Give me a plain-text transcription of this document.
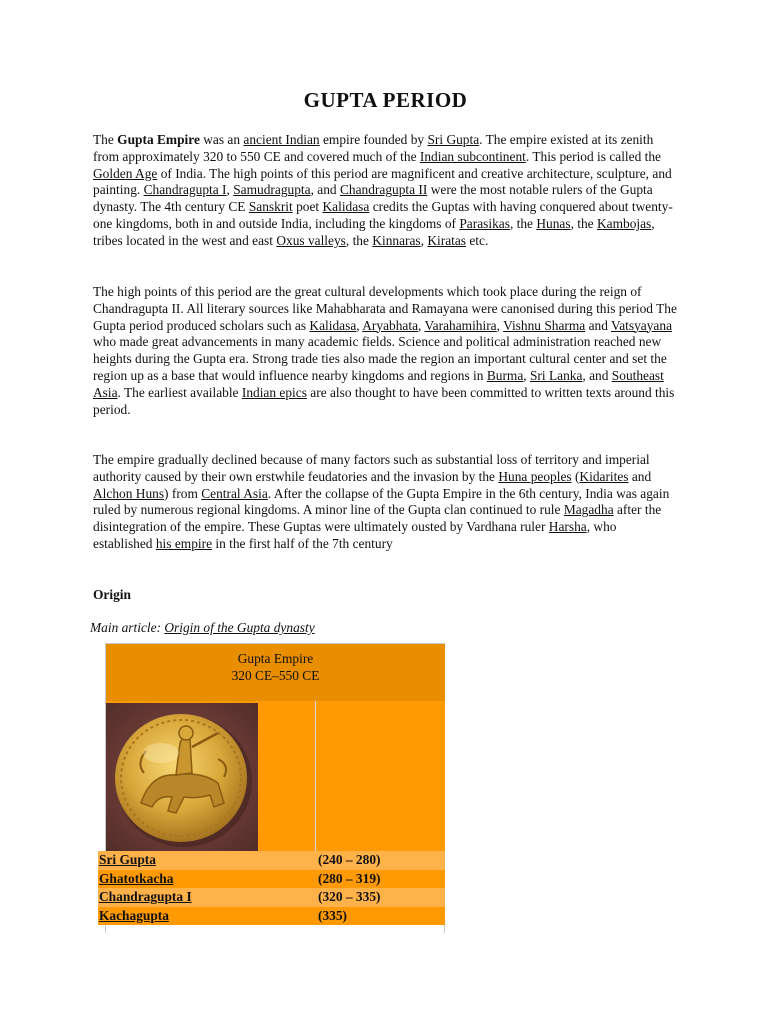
GUPTA PERIOD

The Gupta Empire was an ancient Indian empire founded by Sri Gupta. The empire existed at its zenith from approximately 320 to 550 CE and covered much of the Indian subcontinent. This period is called the Golden Age of India. The high points of this period are magnificent and creative architecture, sculpture, and painting. Chandragupta I, Samudragupta, and Chandragupta II were the most notable rulers of the Gupta dynasty. The 4th century CE Sanskrit poet Kalidasa credits the Guptas with having conquered about twenty-one kingdoms, both in and outside India, including the kingdoms of Parasikas, the Hunas, the Kambojas, tribes located in the west and east Oxus valleys, the Kinnaras, Kiratas etc.

The high points of this period are the great cultural developments which took place during the reign of Chandragupta II. All literary sources like Mahabharata and Ramayana were canonised during this period The Gupta period produced scholars such as Kalidasa, Aryabhata, Varahamihira, Vishnu Sharma and Vatsyayana who made great advancements in many academic fields. Science and political administration reached new heights during the Gupta era. Strong trade ties also made the region an important cultural center and set the region up as a base that would influence nearby kingdoms and regions in Burma, Sri Lanka, and Southeast Asia. The earliest available Indian epics are also thought to have been committed to written texts around this period.

The empire gradually declined because of many factors such as substantial loss of territory and imperial authority caused by their own erstwhile feudatories and the invasion by the Huna peoples (Kidarites and Alchon Huns) from Central Asia. After the collapse of the Gupta Empire in the 6th century, India was again ruled by numerous regional kingdoms. A minor line of the Gupta clan continued to rule Magadha after the disintegration of the empire. These Guptas were ultimately ousted by Vardhana ruler Harsha, who established his empire in the first half of the 7th century

Origin
Main article: Origin of the Gupta dynasty
Gupta Empire
320 CE–550 CE
Sri Gupta	(240 – 280)
Ghatotkacha	(280 – 319)
Chandragupta I	(320 – 335)
Kachagupta	(335)
